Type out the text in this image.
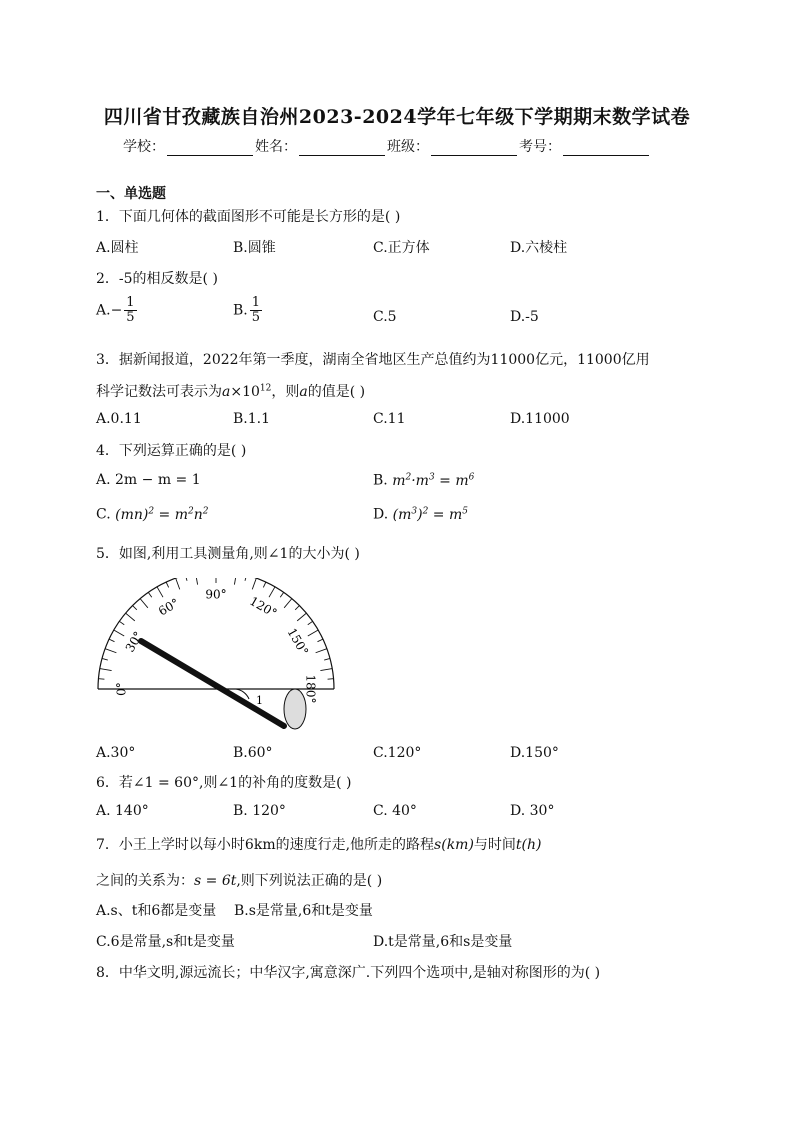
四川省甘孜藏族自治州2023-2024学年七年级下学期期末数学试卷
学校：	姓名：	班级：	考号：
一、单选题
1．下面几何体的截面图形不可能是长方形的是( )
A.圆柱	B.圆锥	C.正方体	D.六棱柱
2．-5的相反数是( )
$A.- \frac{1}{5}$	B. $\frac{1}{5}$	C.5	D.-5
3．据新闻报道，2022年第一季度，湖南全省地区生产总值约为11000亿元，11000亿用
科学记数法可表示为$a\times 10^{12}$，则a的值是( )
A.0.11	B.1.1	C.11	D.11000
4．下列运算正确的是( )
A. 2m − m = 1	B. $m^2\cdot m^3 = m^6$
C. $(mn)^2 = m^2n^2$	D. $(m^3)^2 = m^5$
5．如图,利用工具测量角,则∠1的大小为( )
0°
30°
60°
90° 120°
150°
180°
1
A.30°	B.60°	C.120°	D.150°
6．若∠1 = 60°,则∠1的补角的度数是( )
A. 140°	B. 120°	C. 40°	D. 30°
7．小王上学时以每小时6km的速度行走,他所走的路程s(km)与时间t(h)
之间的关系为：s = 6t,则下列说法正确的是( )
A.s、t和6都是变量 B.s是常量,6和t是变量
C.6是常量,s和t是变量	D.t是常量,6和s是变量
8．中华文明,源远流长；中华汉字,寓意深广.下列四个选项中,是轴对称图形的为( )
